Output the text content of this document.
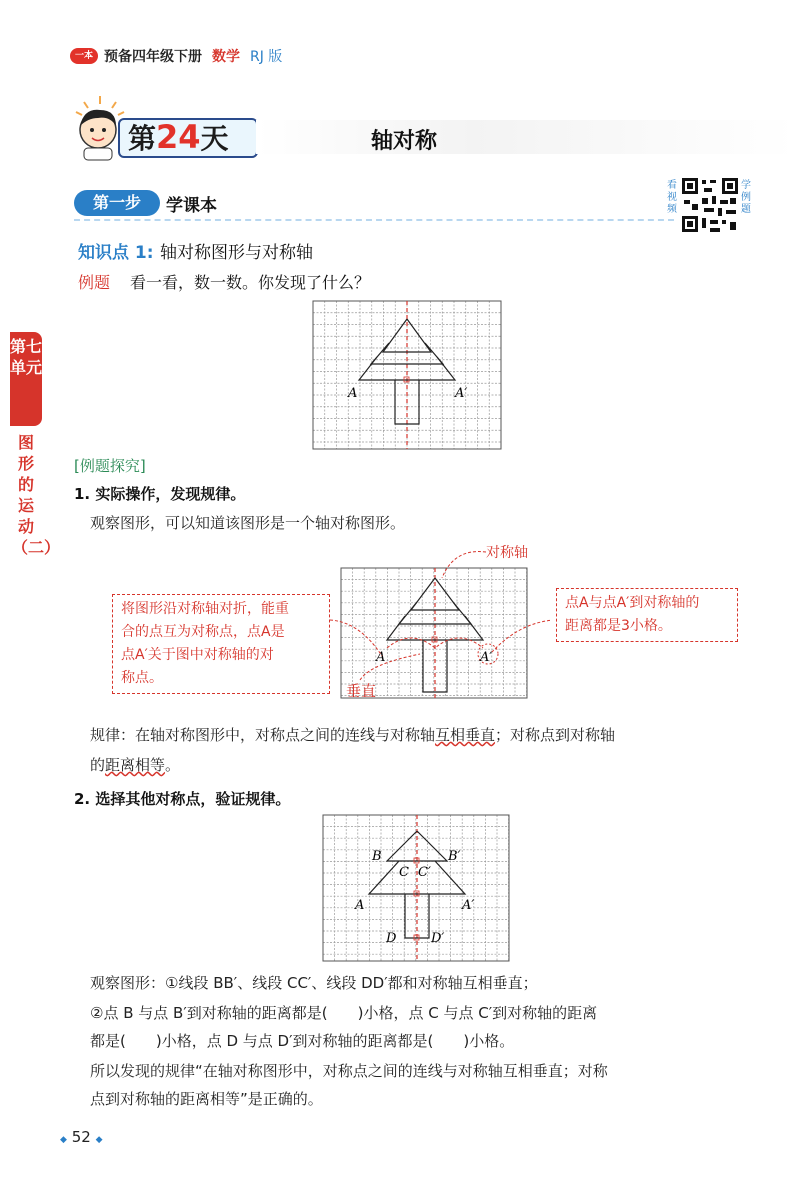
一本 预备四年级下册 数学 RJ 版
第24天	轴对称
第一步	学课本
看视频
学例题
第七单元
图形的运动（二）
知识点 1: 轴对称图形与对称轴
例题 看一看，数一数。你发现了什么？
A	A′
[例题探究]
1. 实际操作，发现规律。
观察图形，可以知道该图形是一个轴对称图形。
A	A′
对称轴
将图形沿对称轴对折，能重
合的点互为对称点，点A是
点A′关于图中对称轴的对
称点。
点A与点A′到对称轴的
距离都是3小格。
垂直
规律：在轴对称图形中，对称点之间的连线与对称轴互相垂直；对称点到对称轴
的距离相等。
2. 选择其他对称点，验证规律。
B	B′
C C′
A	A′
D	D′
观察图形：①线段 BB′、线段 CC′、线段 DD′都和对称轴互相垂直；
②点 B 与点 B′到对称轴的距离都是(　　)小格，点 C 与点 C′到对称轴的距离
都是(　　)小格，点 D 与点 D′到对称轴的距离都是(　　)小格。
所以发现的规律“在轴对称图形中，对称点之间的连线与对称轴互相垂直；对称
点到对称轴的距离相等”是正确的。
◆ 52 ◆
